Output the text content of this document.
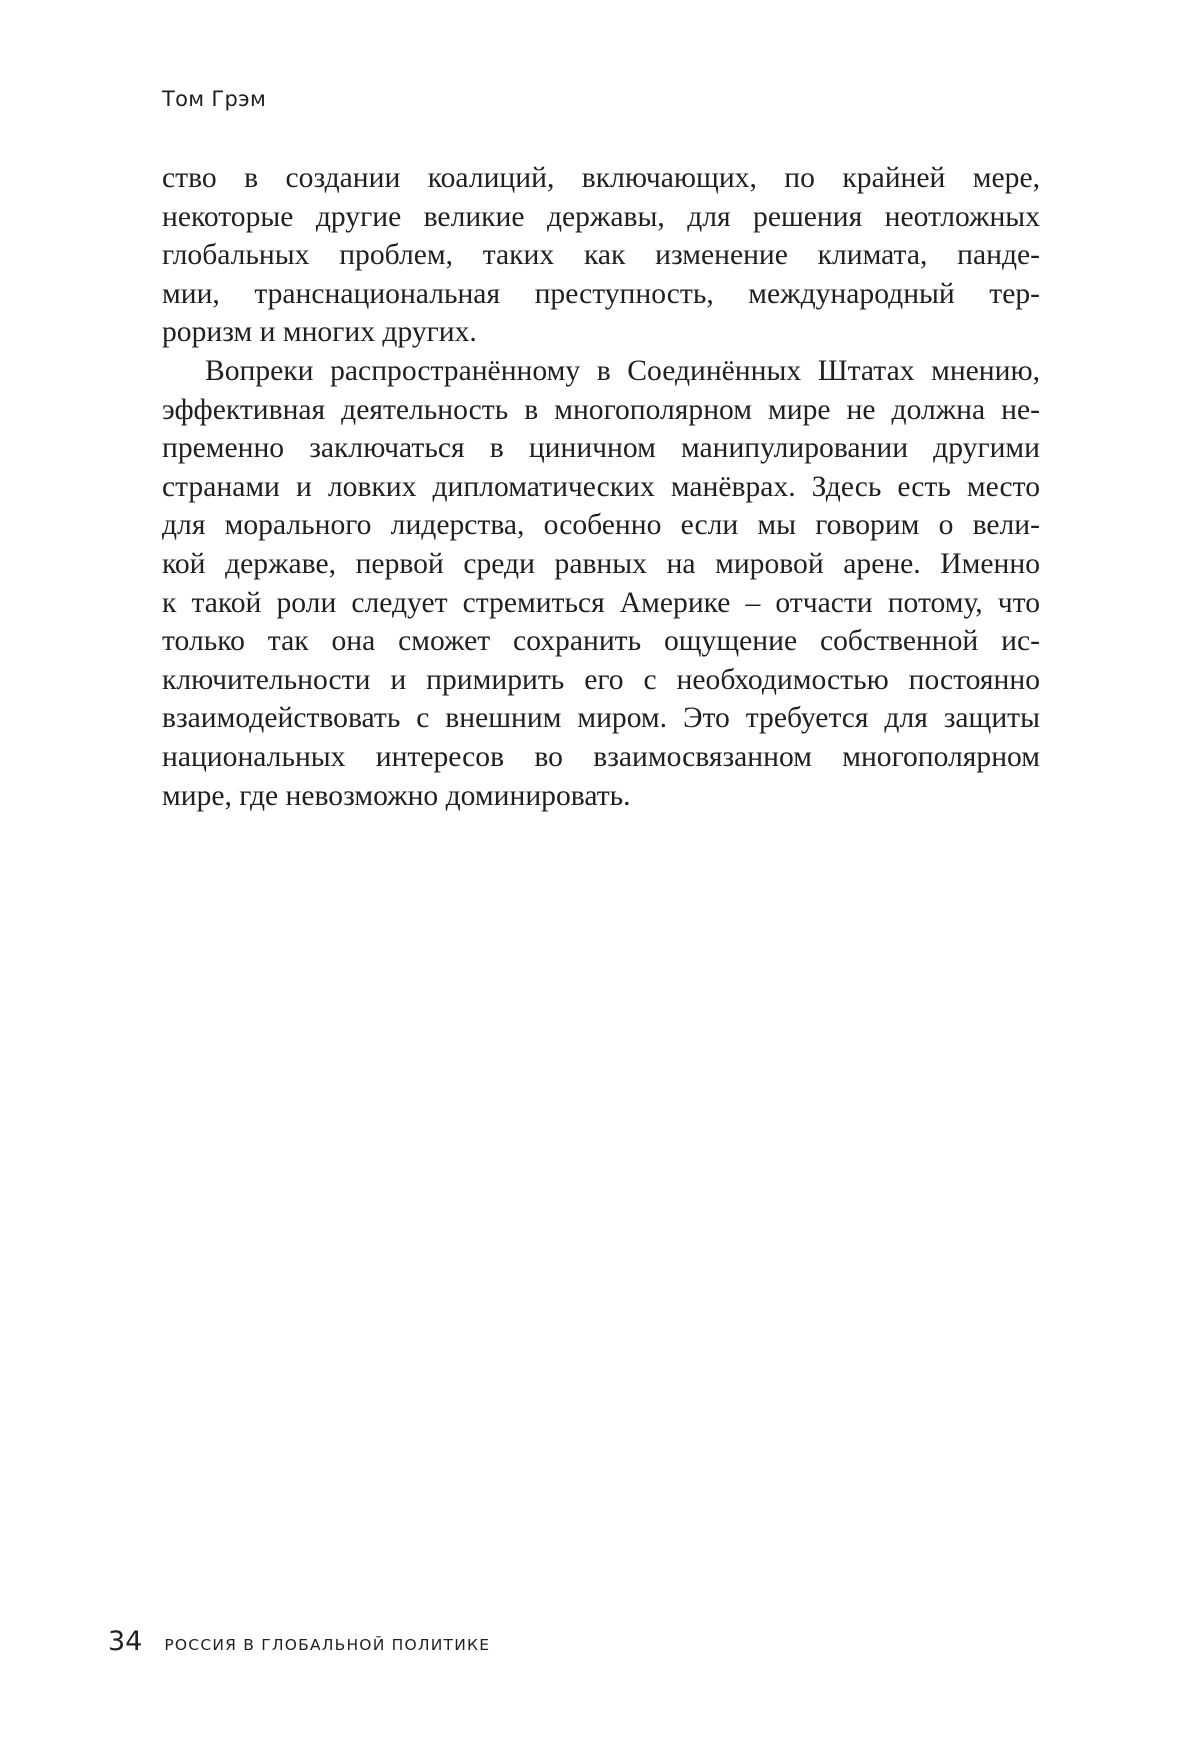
Том Грэм
ство в создании коалиций, включающих, по крайней мере,
некоторые другие великие державы, для решения неотложных
глобальных проблем, таких как изменение климата, панде-
мии, транснациональная преступность, международный тер-
роризм и многих других.
Вопреки распространённому в Соединённых Штатах мнению,
эффективная деятельность в многополярном мире не должна не-
пременно заключаться в циничном манипулировании другими
странами и ловких дипломатических манёврах. Здесь есть место
для морального лидерства, особенно если мы говорим о вели-
кой державе, первой среди равных на мировой арене. Именно
к такой роли следует стремиться Америке – отчасти потому, что
только так она сможет сохранить ощущение собственной ис-
ключительности и примирить его с необходимостью постоянно
взаимодействовать с внешним миром. Это требуется для защиты
национальных интересов во взаимосвязанном многополярном
мире, где невозможно доминировать.
34 РОССИЯ В ГЛОБАЛЬНОЙ ПОЛИТИКЕ
